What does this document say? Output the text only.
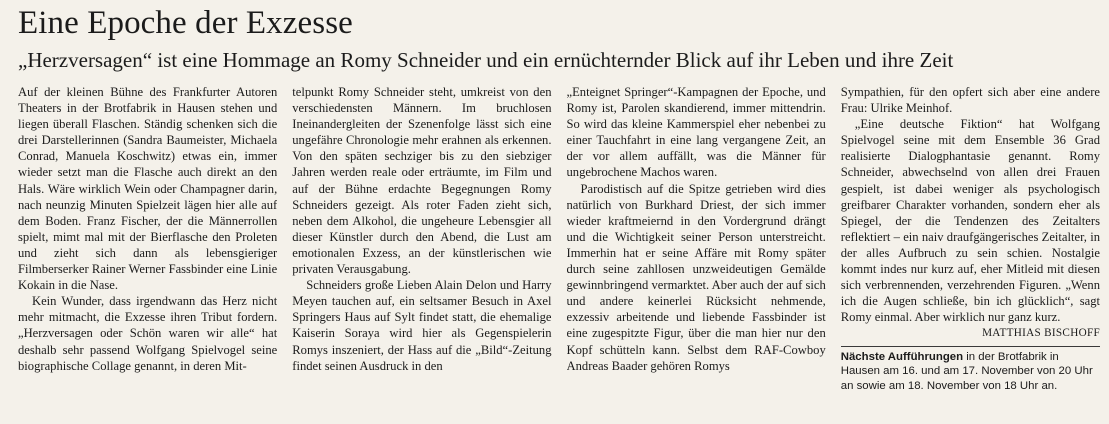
Eine Epoche der Exzesse
„Herzversagen“ ist eine Hommage an Romy Schneider und ein ernüchternder Blick auf ihr Leben und ihre Zeit

Auf der kleinen Bühne des Frankfurter Autoren Theaters in der Brotfabrik in Hausen stehen und liegen überall Flaschen. Ständig schenken sich die drei Darstellerinnen (Sandra Baumeister, Michaela Conrad, Manuela Koschwitz) etwas ein, immer wieder setzt man die Flasche auch direkt an den Hals. Wäre wirklich Wein oder Champagner darin, nach neunzig Minuten Spielzeit lägen hier alle auf dem Boden. Franz Fischer, der die Männerrollen spielt, mimt mal mit der Bierflasche den Proleten und zieht sich dann als lebensgieriger Filmberserker Rainer Werner Fassbinder eine Linie Kokain in die Nase.

Kein Wunder, dass irgendwann das Herz nicht mehr mitmacht, die Exzesse ihren Tribut fordern. „Herzversagen oder Schön waren wir alle“ hat deshalb sehr passend Wolfgang Spielvogel seine biographische Collage genannt, in deren Mit-

telpunkt Romy Schneider steht, umkreist von den verschiedensten Männern. Im bruchlosen Ineinandergleiten der Szenenfolge lässt sich eine ungefähre Chronologie mehr erahnen als erkennen. Von den späten sechziger bis zu den siebziger Jahren werden reale oder erträumte, im Film und auf der Bühne erdachte Begegnungen Romy Schneiders gezeigt. Als roter Faden zieht sich, neben dem Alkohol, die ungeheure Lebensgier all dieser Künstler durch den Abend, die Lust am emotionalen Exzess, an der künstlerischen wie privaten Verausgabung.

Schneiders große Lieben Alain Delon und Harry Meyen tauchen auf, ein seltsamer Besuch in Axel Springers Haus auf Sylt findet statt, die ehemalige Kaiserin Soraya wird hier als Gegenspielerin Romys inszeniert, der Hass auf die „Bild“-Zeitung findet seinen Ausdruck in den

„Enteignet Springer“-Kampagnen der Epoche, und Romy ist, Parolen skandierend, immer mittendrin. So wird das kleine Kammerspiel eher nebenbei zu einer Tauchfahrt in eine lang vergangene Zeit, an der vor allem auffällt, was die Männer für ungebrochene Machos waren.

Parodistisch auf die Spitze getrieben wird dies natürlich von Burkhard Driest, der sich immer wieder kraftmeiernd in den Vordergrund drängt und die Wichtigkeit seiner Person unterstreicht. Immerhin hat er seine Affäre mit Romy später durch seine zahllosen unzweideutigen Gemälde gewinnbringend vermarktet. Aber auch der auf sich und andere keinerlei Rücksicht nehmende, exzessiv arbeitende und liebende Fassbinder ist eine zugespitzte Figur, über die man hier nur den Kopf schütteln kann. Selbst dem RAF-Cowboy Andreas Baader gehören Romys

Sympathien, für den opfert sich aber eine andere Frau: Ulrike Meinhof.

„Eine deutsche Fiktion“ hat Wolfgang Spielvogel seine mit dem Ensemble 36 Grad realisierte Dialogphantasie genannt. Romy Schneider, abwechselnd von allen drei Frauen gespielt, ist dabei weniger als psychologisch greifbarer Charakter vorhanden, sondern eher als Spiegel, der die Tendenzen des Zeitalters reflektiert – ein naiv draufgängerisches Zeitalter, in der alles Aufbruch zu sein schien. Nostalgie kommt indes nur kurz auf, eher Mitleid mit diesen sich verbrennenden, verzehrenden Figuren. „Wenn ich die Augen schließe, bin ich glücklich“, sagt Romy einmal. Aber wirklich nur ganz kurz.

MATTHIAS BISCHOFF

Nächste Aufführungen in der Brotfabrik in Hausen am 16. und am 17. November von 20 Uhr an sowie am 18. November von 18 Uhr an.
